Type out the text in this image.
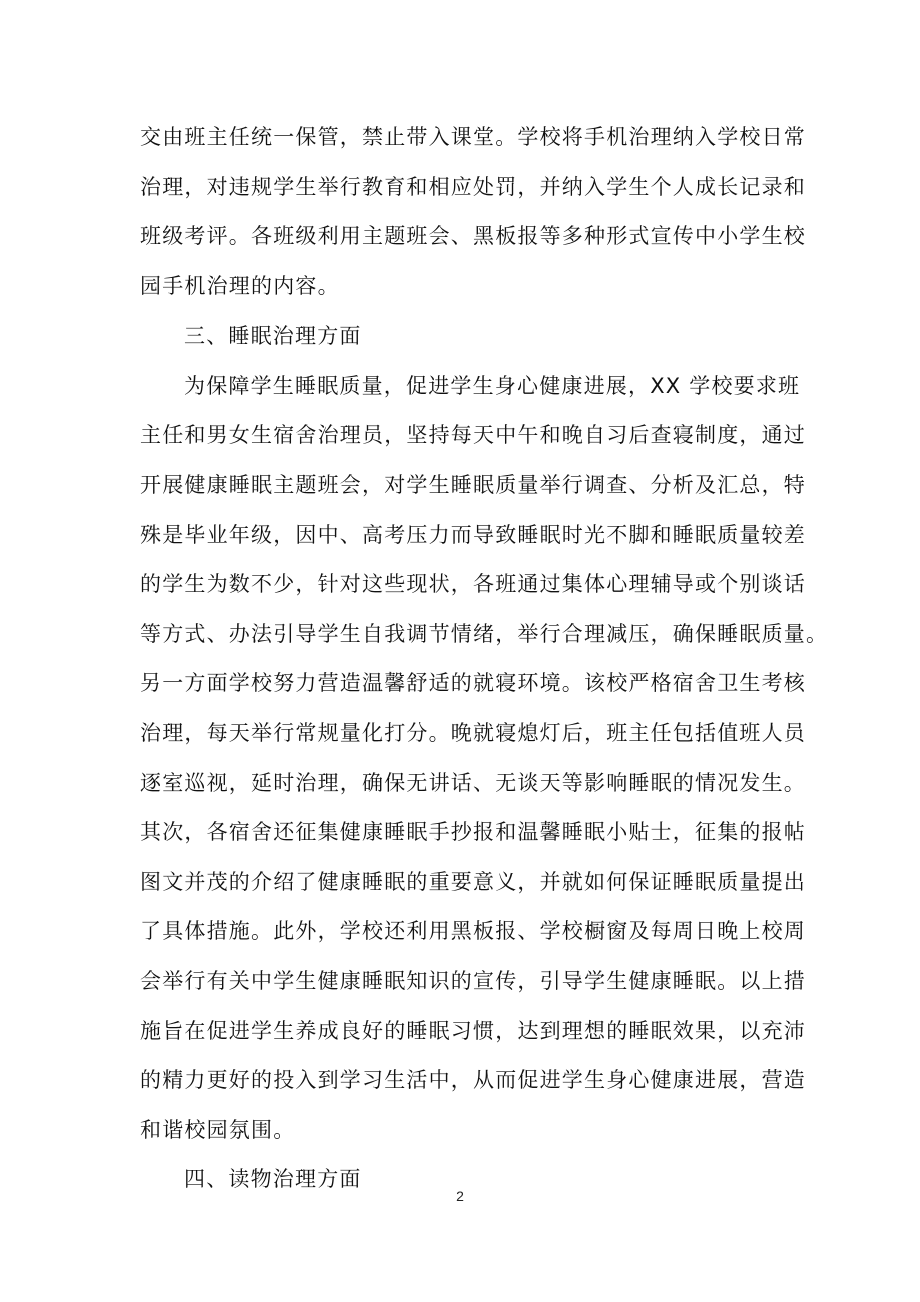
交由班主任统一保管，禁止带入课堂。学校将手机治理纳入学校日常
治理，对违规学生举行教育和相应处罚，并纳入学生个人成长记录和
班级考评。各班级利用主题班会、黑板报等多种形式宣传中小学生校
园手机治理的内容。
三、睡眠治理方面
为保障学生睡眠质量，促进学生身心健康进展，XX 学校要求班
主任和男女生宿舍治理员，坚持每天中午和晚自习后查寝制度，通过
开展健康睡眠主题班会，对学生睡眠质量举行调查、分析及汇总，特
殊是毕业年级，因中、高考压力而导致睡眠时光不脚和睡眠质量较差
的学生为数不少，针对这些现状，各班通过集体心理辅导或个别谈话
等方式、办法引导学生自我调节情绪，举行合理减压，确保睡眠质量。
另一方面学校努力营造温馨舒适的就寝环境。该校严格宿舍卫生考核
治理，每天举行常规量化打分。晚就寝熄灯后，班主任包括值班人员
逐室巡视，延时治理，确保无讲话、无谈天等影响睡眠的情况发生。
其次，各宿舍还征集健康睡眠手抄报和温馨睡眠小贴士，征集的报帖
图文并茂的介绍了健康睡眠的重要意义，并就如何保证睡眠质量提出
了具体措施。此外，学校还利用黑板报、学校橱窗及每周日晚上校周
会举行有关中学生健康睡眠知识的宣传，引导学生健康睡眠。以上措
施旨在促进学生养成良好的睡眠习惯，达到理想的睡眠效果，以充沛
的精力更好的投入到学习生活中，从而促进学生身心健康进展，营造
和谐校园氛围。
四、读物治理方面
2
